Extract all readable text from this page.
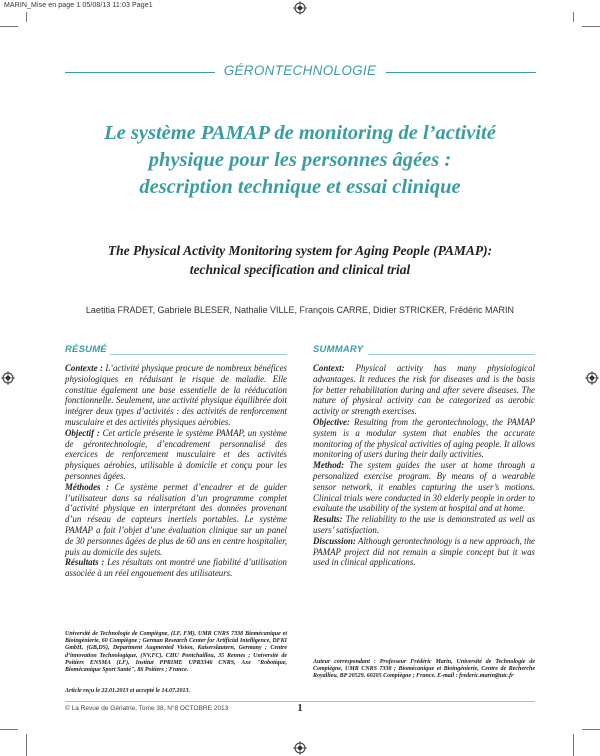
MARIN_Mise en page 1 05/08/13 11:03 Page1
GÉRONTECHNOLOGIE
Le système PAMAP de monitoring de l’activité
physique pour les personnes âgées :
description technique et essai clinique
The Physical Activity Monitoring system for Aging People (PAMAP):
technical specification and clinical trial
Laetitia FRADET, Gabriele BLESER, Nathalie VILLE, François CARRE, Didier STRICKER, Frédéric MARIN
RÉSUMÉ	SUMMARY

Contexte : L’activité physique procure de nombreux bénéfices physiologiques en réduisant le risque de maladie. Elle constitue également une base essentielle de la rééducation fonctionnelle. Seulement, une activité physique équilibrée doit intégrer deux types d’activités : des activités de renforcement musculaire et des activités physiques aérobies.

Objectif : Cet article présente le système PAMAP, un système de gérontechnologie, d’encadrement personnalisé des exercices de renforcement musculaire et des activités physiques aérobies, utilisable à domicile et conçu pour les personnes âgées.

Méthodes : Ce système permet d’encadrer et de guider l’utilisateur dans sa réalisation d’un programme complet d’activité physique en interprétant des données provenant d’un réseau de capteurs inertiels portables. Le système PAMAP a fait l’objet d’une évaluation clinique sur un panel de 30 personnes âgées de plus de 60 ans en centre hospitalier, puis au domicile des sujets.

Résultats : Les résultats ont montré une fiabilité d’utilisation associée à un réel engouement des utilisateurs.

Context: Physical activity has many physiological advantages. It reduces the risk for diseases and is the basis for better rehabilitation during and after severe diseases. The nature of physical activity can be categorized as aerobic activity or strength exercises.

Objective: Resulting from the gerontechnology, the PAMAP system is a modular system that enables the accurate monitoring of the physical activities of aging people. It allows monitoring of users during their daily activities.

Method: The system guides the user at home through a personalized exercise program. By means of a wearable sensor network, it enables capturing the user’s motions. Clinical trials were conducted in 30 elderly people in order to evaluate the usability of the system at hospital and at home.

Results: The reliability to the use is demonstrated as well as users’ satisfaction.

Discussion: Although gerontechnology is a new approach, the PAMAP project did not remain a simple concept but it was used in clinical applications.

Université de Technologie de Compiègne, (LF, FM), UMR CNRS 7338 Biomécanique et Bioingénierie, 60 Compiègne ; German Research Center for Artificial Intelligence, DFKI GmbH, (GB,DS), Department Augmented Vision, Kaiserslautern, Germany ; Centre d’innovation Technologique, (NV,FC), CHU Pontchaillou, 35 Rennes ; Université de Poitiers ENSMA (LF), Institut PPRIME UPR3346 CNRS, Axe "Robotique, Biomécanique Sport Santé", 86 Poitiers ; France.
Article reçu le 22.01.2013 et accepté le 14.07.2013.
Auteur correspondant : Professeur Frédéric Marin, Université de Technologie de Compiègne, UMR CNRS 7338 ; Biomécanique et Bioingénierie, Centre de Recherche Royallieu, BP 20529, 60205 Compiègne ; France. E-mail : frederic.marin@utc.fr
© La Revue de Gériatrie, Tome 38, N°8 OCTOBRE 2013	1
